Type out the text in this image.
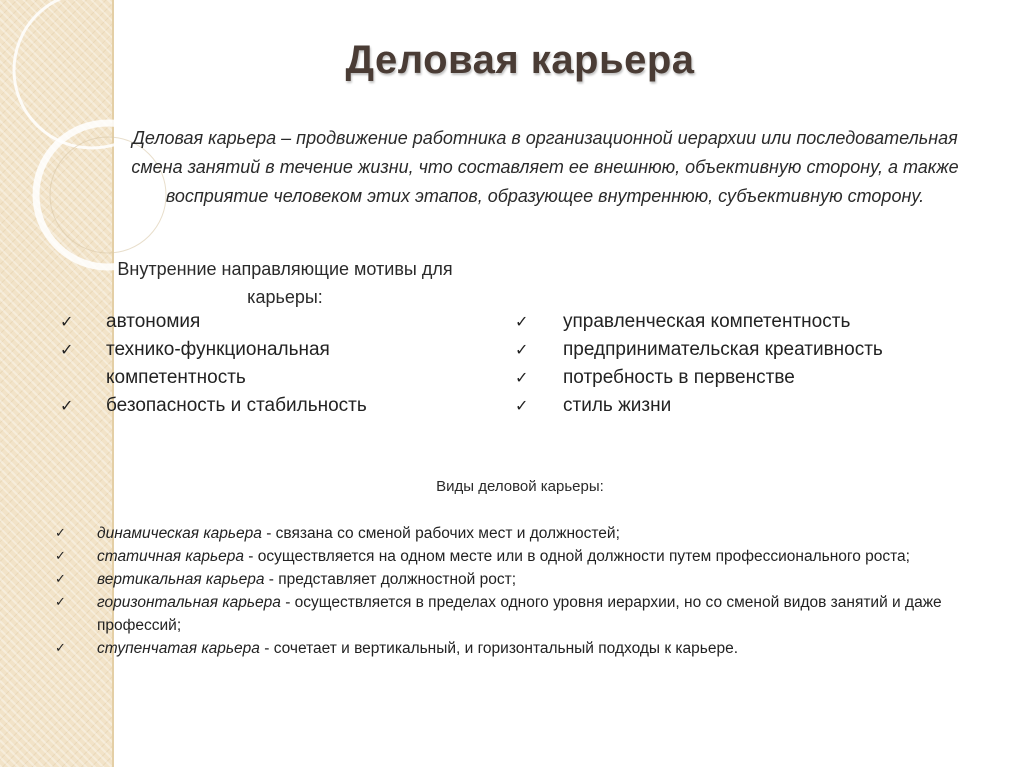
Деловая карьера
Деловая карьера – продвижение работника в организационной иерархии или последовательная смена занятий в течение жизни, что составляет ее внешнюю, объективную сторону, а также восприятие человеком этих этапов, образующее внутреннюю, субъективную сторону.
Внутренние направляющие мотивы для карьеры:
✓	автономия
✓	технико-функциональная компетентность
✓	безопасность и стабильность
✓	управленческая компетентность
✓	предпринимательская креативность
✓	потребность в первенстве
✓	стиль жизни
Виды деловой карьеры:
✓	динамическая карьера - связана со сменой рабочих мест и должностей;
✓	статичная карьера - осуществляется на одном месте или в одной должности путем профессионального роста;
✓	вертикальная карьера - представляет должностной рост;
✓	горизонтальная карьера - осуществляется в пределах одного уровня иерархии, но со сменой видов занятий и даже профессий;
✓	ступенчатая карьера - сочетает и вертикальный, и горизонтальный подходы к карьере.
